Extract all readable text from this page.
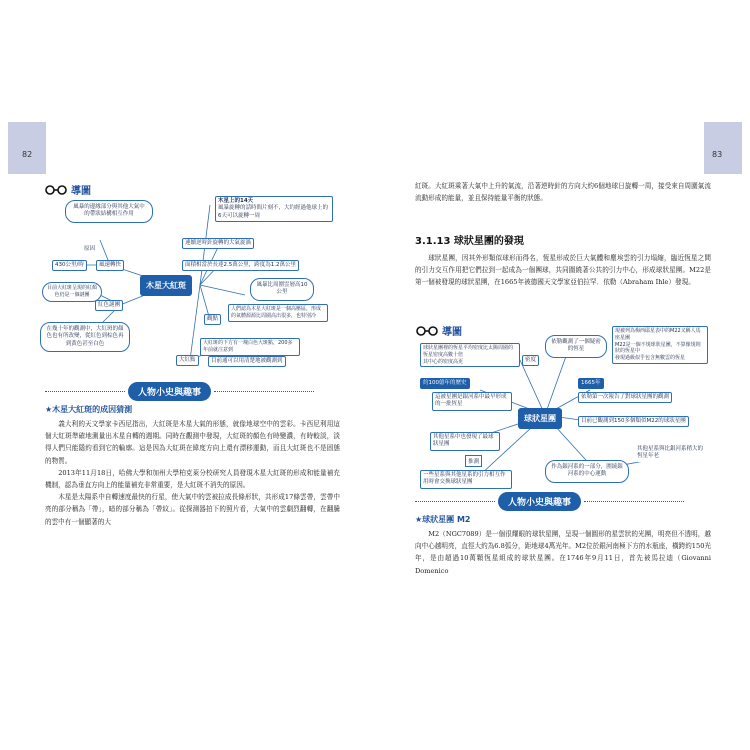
82
導圖
風暴的邊緣部分與其他大氣中的帶狀結構相互作用
原因
430公里/時	風速轉快
目前大紅斑呈現的紅顏色仍是一個謎團
紅色謎團
在幾十年的觀測中，大紅斑的顏色也有所改變，從紅色到棕色再到黃色甚至白色
木星大紅斑
木星上的14天
風暴旋轉的話時間片刻不，大約經過他球上的6天可以旋轉一周
連續逆時針旋轉的大氣旋渦
面積相當於長達2.5萬公里，跨度為1.2萬公里
風暴比周圍雲層高10公里
觀點
人們認為木星大紅斑是一個高壓區，形成的氣體源源比周圍高出很多，也特別冷
大紅點
大紅斑的下方有一塊白色大斑點，200多年前就注意到
目前通可以用清楚地被觀測到
人物小史與趣事
★木星大紅斑的成因猜測

義大利的天文學家卡西尼指出，大紅斑是木星大氣的形態，就像地球空中的雲彩。卡西尼利用這個大紅斑準確地測量出木星自轉的週期。同時在觀測中發現，大紅斑的顏色有時變濃，有時較淡，淡得人們只能隱約看到它的輪廓。這是因為大紅斑在緯度方向上還有漂移運動，而且大紅斑也不是固態的物質。

2013年11月18日，哈佛大學和加州大學柏克萊分校研究人員發現木星大紅斑的形成和能量補充機制，認為垂直方向上的能量補充非常重要，是大紅斑不消失的原因。

木星是太陽系中自轉速度最快的行星，使大氣中的雲被拉成長條形狀，共形成17條雲帶，雲帶中亮的部分稱為「帶」，暗的部分稱為「帶紋」。從探測器拍下的照片看，大氣中的雲劇烈翻轉，在翻騰的雲中有一個顯著的大

83

紅斑。大紅斑乘著大氣中上升的氣流，沿著逆時針的方向大約6個地球日旋轉一周，接受來自周圍氣流流動形成的能量，並且保持能量平衡的狀態。

3.1.13 球狀星團的發現

球狀星團，因其外形類似球形而得名，恆星形成於巨大氣體和塵埃雲的引力塌縮，臨近恆星之間的引力交互作用把它們拉到一起成為一個團球，共同圍繞著公共的引力中心，形成球狀星團。M22是第一個被發現的球狀星團，在1665年被德國天文學家亞伯拉罕．依勒（Abraham Ihle）發現。

導圖
球狀星團裡的恆星平均密度比太陽周圍的恆星密度高數十倍
其中心的密度高更	密度
依勒觀測了一個疑密的恆星
現被列為梅西耶星表中的M22又稱人馬座星團
M22是一個不規球狀星團，不算像規則狀的恆星中
發現過級似乎包含無數雲的恆星
約100億年的歷史
這被星團是銀河系中最早形成的一批恆星
1665年
依勒第一次報告了對球狀星團的觀測
球狀星團	目前已觀測到150多個類似M22的球狀星團
其他星系中也發現了最球狀星團
推測
一些星系與其他星系的引力相互作用時會交換球狀星團
作為銀河系的一部分，圍繞銀河系的中心運動
其他星系與比銀河系稍大的恆星年老
人物小史與趣事
★球狀星團 M2

M2（NGC7089）是一個很耀眼的球狀星團，呈現一個圓形的星雲狀的光團，明亮但不透明，越向中心越明亮，直徑大約為6.8弧分，距地球4萬光年。M2位於銀河南極下方的水瓶座，橫跨約150光年，是由超過10萬顆恆星組成的球狀星團。在1746年9月11日，首先被馬拉迪（Giovanni Domenico
